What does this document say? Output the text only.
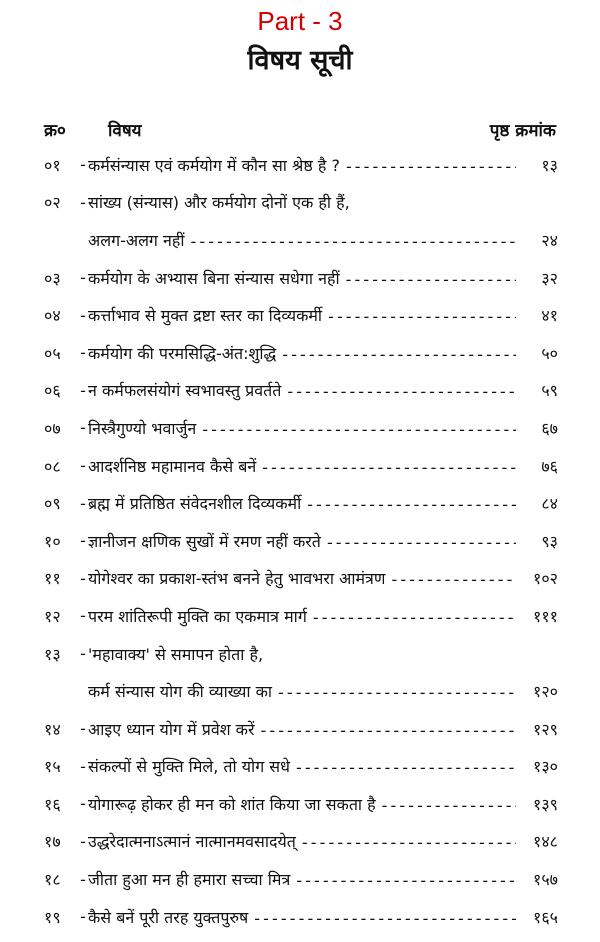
Part - 3
विषय सूची
क्र० विषय	पृष्ठ क्रमांक
०१	- कर्मसंन्यास एवं कर्मयोग में कौन सा श्रेष्ठ है ? - - -	१३
०२	- सांख्य (संन्यास) और कर्मयोग दोनों एक ही हैं,
अलग-अलग नहीं - - -	२४
०३	- कर्मयोग के अभ्यास बिना संन्यास सधेगा नहीं - - -	३२
०४	- कर्त्ताभाव से मुक्त द्रष्टा स्तर का दिव्यकर्मी - - -	४१
०५	- कर्मयोग की परमसिद्धि-अंत:शुद्धि - - -	५०
०६	- न कर्मफलसंयोगं स्वभावस्तु प्रवर्तते - - -	५९
०७	- निस्त्रैगुण्यो भवार्जुन - - -	६७
०८	- आदर्शनिष्ठ महामानव कैसे बनें - - -	७६
०९	- ब्रह्म में प्रतिष्ठित संवेदनशील दिव्यकर्मी - - -	८४
१०	- ज्ञानीजन क्षणिक सुखों में रमण नहीं करते - - -	९३
११	- योगेश्वर का प्रकाश-स्तंभ बनने हेतु भावभरा आमंत्रण - - -	१०२
१२	- परम शांतिरूपी मुक्ति का एकमात्र मार्ग - - -	१११
१३	- 'महावाक्य' से समापन होता है,
कर्म संन्यास योग की व्याख्या का - - -	१२०
१४	- आइए ध्यान योग में प्रवेश करें - - -	१२९
१५	- संकल्पों से मुक्ति मिले, तो योग सधे - - -	१३०
१६	- योगारूढ़ होकर ही मन को शांत किया जा सकता है - - -	१३९
१७	- उद्धरेदात्मनाऽत्मानं नात्मानमवसादयेत् - - -	१४८
१८	- जीता हुआ मन ही हमारा सच्चा मित्र - - -	१५७
१९	- कैसे बनें पूरी तरह युक्तपुरुष - - -	१६५
